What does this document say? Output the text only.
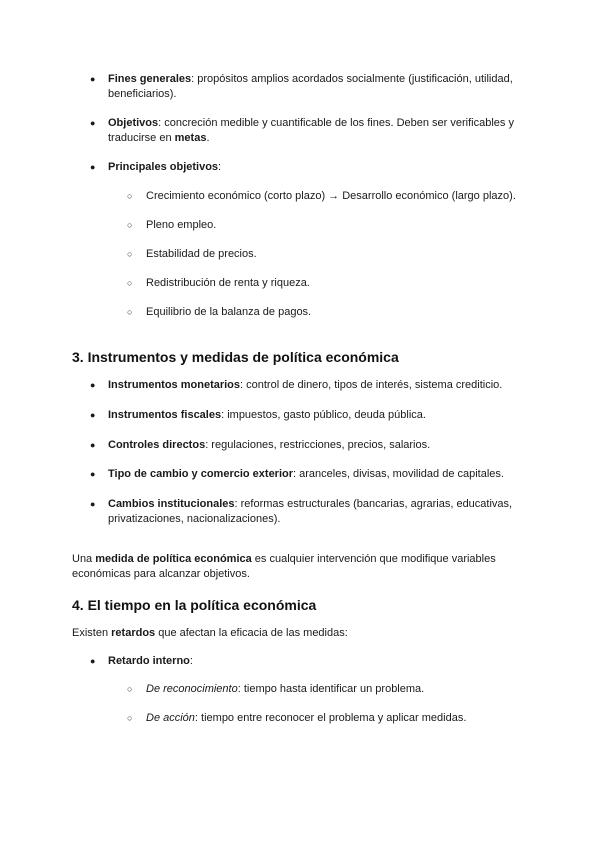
● Fines generales: propósitos amplios acordados socialmente (justificación, utilidad, beneficiarios).
● Objetivos: concreción medible y cuantificable de los fines. Deben ser verificables y traducirse en metas.
● Principales objetivos:
○ Crecimiento económico (corto plazo) → Desarrollo económico (largo plazo).
○ Pleno empleo.
○ Estabilidad de precios.
○ Redistribución de renta y riqueza.
○ Equilibrio de la balanza de pagos.
3. Instrumentos y medidas de política económica
● Instrumentos monetarios: control de dinero, tipos de interés, sistema crediticio.
● Instrumentos fiscales: impuestos, gasto público, deuda pública.
● Controles directos: regulaciones, restricciones, precios, salarios.
● Tipo de cambio y comercio exterior: aranceles, divisas, movilidad de capitales.
● Cambios institucionales: reformas estructurales (bancarias, agrarias, educativas, privatizaciones, nacionalizaciones).
Una medida de política económica es cualquier intervención que modifique variables económicas para alcanzar objetivos.
4. El tiempo en la política económica
Existen retardos que afectan la eficacia de las medidas:
● Retardo interno:
○ De reconocimiento: tiempo hasta identificar un problema.
○ De acción: tiempo entre reconocer el problema y aplicar medidas.
